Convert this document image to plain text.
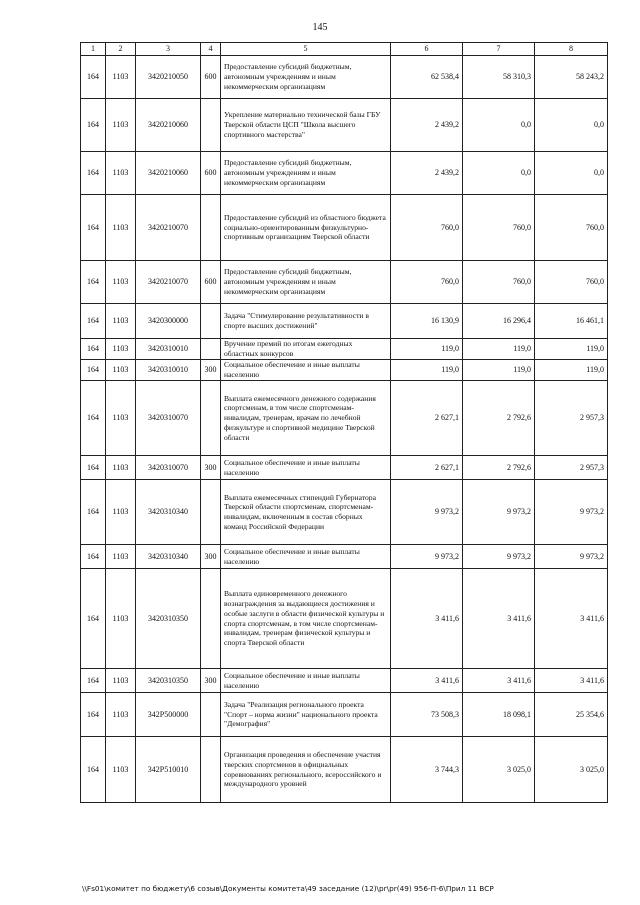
145
1	2	3	4	5	6	7	8
164	1103	3420210050	600	Предоставление субсидий бюджетным, автономным учреждениям и иным некоммерческим организациям	62 538,4	58 310,3	58 243,2
164	1103	3420210060		Укрепление материально технической базы ГБУ Тверской области ЦСП "Школа высшего спортивного мастерства"	2 439,2	0,0	0,0
164	1103	3420210060	600	Предоставление субсидий бюджетным, автономным учреждениям и иным некоммерческим организациям	2 439,2	0,0	0,0
164	1103	3420210070		Предоставление субсидий из областного бюджета социально-ориентированным физкультурно-спортивным организациям Тверской области	760,0	760,0	760,0
164	1103	3420210070	600	Предоставление субсидий бюджетным, автономным учреждениям и иным некоммерческим организациям	760,0	760,0	760,0
164	1103	3420300000		Задача "Стимулирование результативности в спорте высших достижений"	16 130,9	16 296,4	16 461,1
164	1103	3420310010		Вручение премий по итогам ежегодных областных конкурсов	119,0	119,0	119,0
164	1103	3420310010	300	Социальное обеспечение и иные выплаты населению	119,0	119,0	119,0
164	1103	3420310070		Выплата ежемесячного денежного содержания спортсменам, в том числе спортсменам-инвалидам, тренерам, врачам по лечебной физкультуре и спортивной медицине Тверской области	2 627,1	2 792,6	2 957,3
164	1103	3420310070	300	Социальное обеспечение и иные выплаты населению	2 627,1	2 792,6	2 957,3
164	1103	3420310340		Выплата ежемесячных стипендий Губернатора Тверской области спортсменам, спортсменам-инвалидам, включенным в состав сборных команд Российской Федерации	9 973,2	9 973,2	9 973,2
164	1103	3420310340	300	Социальное обеспечение и иные выплаты населению	9 973,2	9 973,2	9 973,2
164	1103	3420310350		Выплата единовременного денежного вознаграждения за выдающиеся достижения и особые заслуги в области физической культуры и спорта спортсменам, в том числе спортсменам-инвалидам, тренерам физической культуры и спорта Тверской области	3 411,6	3 411,6	3 411,6
164	1103	3420310350	300	Социальное обеспечение и иные выплаты населению	3 411,6	3 411,6	3 411,6
164	1103	342P500000		Задача "Реализация регионального проекта "Спорт – норма жизни" национального проекта "Демография"	73 508,3	18 098,1	25 354,6
164	1103	342P510010		Организация проведения и обеспечение участия тверских спортсменов в официальных соревнованиях регионального, всероссийского и международного уровней	3 744,3	3 025,0	3 025,0
\\Fs01\комитет по бюджету\6 созыв\Документы комитета\49 заседание (12)\pr\pr(49) 956-П-6\Прил 11 ВСР
